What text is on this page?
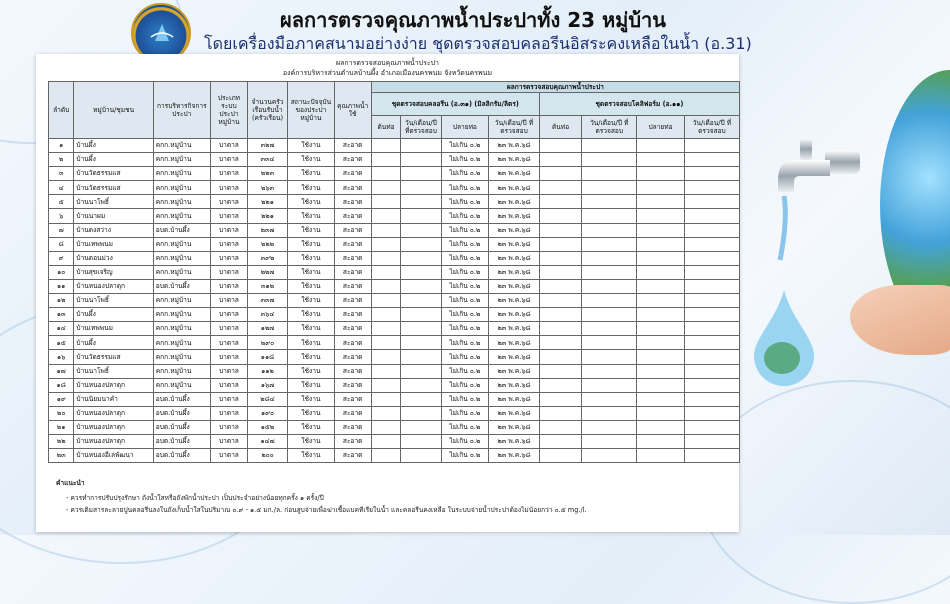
ผลการตรวจคุณภาพน้ำประปาทั้ง 23 หมู่บ้าน
โดยเครื่องมือภาคสนามอย่างง่าย ชุดตรวจสอบคลอรีนอิสระคงเหลือในน้ำ (อ.31)
ผลการตรวจสอบคุณภาพน้ำประปา
องค์การบริหารส่วนตำบลบ้านผึ้ง อำเภอเมืองนครพนม จังหวัดนครพนม
ลำดับ	หมู่บ้าน/ชุมชน	การบริหารกิจการประปา	ประเภทระบบประปาหมู่บ้าน	จำนวนครัวเรือนรับน้ำ (ครัวเรือน)	สถานะปัจจุบันของประปาหมู่บ้าน	คุณภาพน้ำใช้	ผลการตรวจสอบคุณภาพน้ำประปา							
							ชุดตรวจสอบคลอรีน (อ.๓๑) (มิลลิกรัม/ลิตร)				ชุดตรวจสอบโคลิฟอร์ม (อ.๑๑)			
							ต้นท่อ	วัน/เดือน/ปี ที่ตรวจสอบ	ปลายท่อ	วัน/เดือน/ปี ที่ตรวจสอบ	ต้นท่อ	วัน/เดือน/ปี ที่ตรวจสอบ	ปลายท่อ	วัน/เดือน/ปี ที่ตรวจสอบ
๑	บ้านผึ้ง	คกก.หมู่บ้าน	บาดาล	๓๒๗	ใช้งาน	สะอาด			ไม่เกิน ๐.๒	๒๓ พ.ค.๖๘				
๒	บ้านผึ้ง	คกก.หมู่บ้าน	บาดาล	๓๓๔	ใช้งาน	สะอาด			ไม่เกิน ๐.๒	๒๓ พ.ค.๖๘				
๓	บ้านวัดธรรมแส	คกก.หมู่บ้าน	บาดาล	๒๒๓	ใช้งาน	สะอาด			ไม่เกิน ๐.๒	๒๓ พ.ค.๖๘				
๔	บ้านวัดธรรมแส	คกก.หมู่บ้าน	บาดาล	๒๖๓	ใช้งาน	สะอาด			ไม่เกิน ๐.๒	๒๓ พ.ค.๖๘				
๕	บ้านนาโพธิ์	คกก.หมู่บ้าน	บาดาล	๒๒๑	ใช้งาน	สะอาด			ไม่เกิน ๐.๒	๒๓ พ.ค.๖๘				
๖	บ้านนาผม	คกก.หมู่บ้าน	บาดาล	๒๒๑	ใช้งาน	สะอาด			ไม่เกิน ๐.๒	๒๓ พ.ค.๖๘				
๗	บ้านดงสว่าง	อบต.บ้านผึ้ง	บาดาล	๒๓๗	ใช้งาน	สะอาด			ไม่เกิน ๐.๒	๒๓ พ.ค.๖๘				
๘	บ้านเทพพนม	คกก.หมู่บ้าน	บาดาล	๒๒๒	ใช้งาน	สะอาด			ไม่เกิน ๐.๒	๒๓ พ.ค.๖๘				
๙	บ้านดอนม่วง	คกก.หมู่บ้าน	บาดาล	๓๙๒	ใช้งาน	สะอาด			ไม่เกิน ๐.๒	๒๓ พ.ค.๖๘				
๑๐	บ้านสุขเจริญ	คกก.หมู่บ้าน	บาดาล	๒๒๗	ใช้งาน	สะอาด			ไม่เกิน ๐.๒	๒๓ พ.ค.๖๘				
๑๑	บ้านหนองปลาดุก	อบต.บ้านผึ้ง	บาดาล	๓๑๒	ใช้งาน	สะอาด			ไม่เกิน ๐.๒	๒๓ พ.ค.๖๘				
๑๒	บ้านนาโพธิ์	คกก.หมู่บ้าน	บาดาล	๓๓๗	ใช้งาน	สะอาด			ไม่เกิน ๐.๒	๒๓ พ.ค.๖๘				
๑๓	บ้านผึ้ง	คกก.หมู่บ้าน	บาดาล	๓๖๔	ใช้งาน	สะอาด			ไม่เกิน ๐.๒	๒๓ พ.ค.๖๘				
๑๔	บ้านเทพพนม	คกก.หมู่บ้าน	บาดาล	๑๒๗	ใช้งาน	สะอาด			ไม่เกิน ๐.๒	๒๓ พ.ค.๖๘				
๑๕	บ้านผึ้ง	คกก.หมู่บ้าน	บาดาล	๒๙๐	ใช้งาน	สะอาด			ไม่เกิน ๐.๒	๒๓ พ.ค.๖๘				
๑๖	บ้านวัดธรรมแส	คกก.หมู่บ้าน	บาดาล	๑๑๘	ใช้งาน	สะอาด			ไม่เกิน ๐.๒	๒๓ พ.ค.๖๘				
๑๗	บ้านนาโพธิ์	คกก.หมู่บ้าน	บาดาล	๑๑๒	ใช้งาน	สะอาด			ไม่เกิน ๐.๒	๒๓ พ.ค.๖๘				
๑๘	บ้านหนองปลาดุก	คกก.หมู่บ้าน	บาดาล	๑๖๗	ใช้งาน	สะอาด			ไม่เกิน ๐.๒	๒๓ พ.ค.๖๘				
๑๙	บ้านนิยมนาคำ	อบต.บ้านผึ้ง	บาดาล	๒๘๔	ใช้งาน	สะอาด			ไม่เกิน ๐.๒	๒๓ พ.ค.๖๘				
๒๐	บ้านหนองปลาดุก	อบต.บ้านผึ้ง	บาดาล	๑๙๐	ใช้งาน	สะอาด			ไม่เกิน ๐.๒	๒๓ พ.ค.๖๘				
๒๑	บ้านหนองปลาดุก	อบต.บ้านผึ้ง	บาดาล	๑๕๒	ใช้งาน	สะอาด			ไม่เกิน ๐.๒	๒๓ พ.ค.๖๘				
๒๒	บ้านหนองปลาดุก	อบต.บ้านผึ้ง	บาดาล	๑๔๗	ใช้งาน	สะอาด			ไม่เกิน ๐.๒	๒๓ พ.ค.๖๘				
๒๓	บ้านหนองอีเลพัฒนา	อบต.บ้านผึ้ง	บาดาล	๒๐๐	ใช้งาน	สะอาด			ไม่เกิน ๐.๒	๒๓ พ.ค.๖๘				
คำแนะนำ
- ควรทำการปรับปรุงรักษา ถังน้ำใสหรือถังพักน้ำประปา เป็นประจำอย่างน้อยทุกครั้ง ๑ ครั้ง/ปี
- ควรเติมสารละลายปูนคลอรีนลงในถังเก็บน้ำใสในปริมาณ ๐.๙ - ๑.๕ มก./ล. ก่อนสูบจ่ายเพื่อฆ่าเชื้อแบคทีเรียในน้ำ และคลอรีนคงเหลือ ในระบบจ่ายน้ำประปาต้องไม่น้อยกว่า ๐.๕ mg./l.
